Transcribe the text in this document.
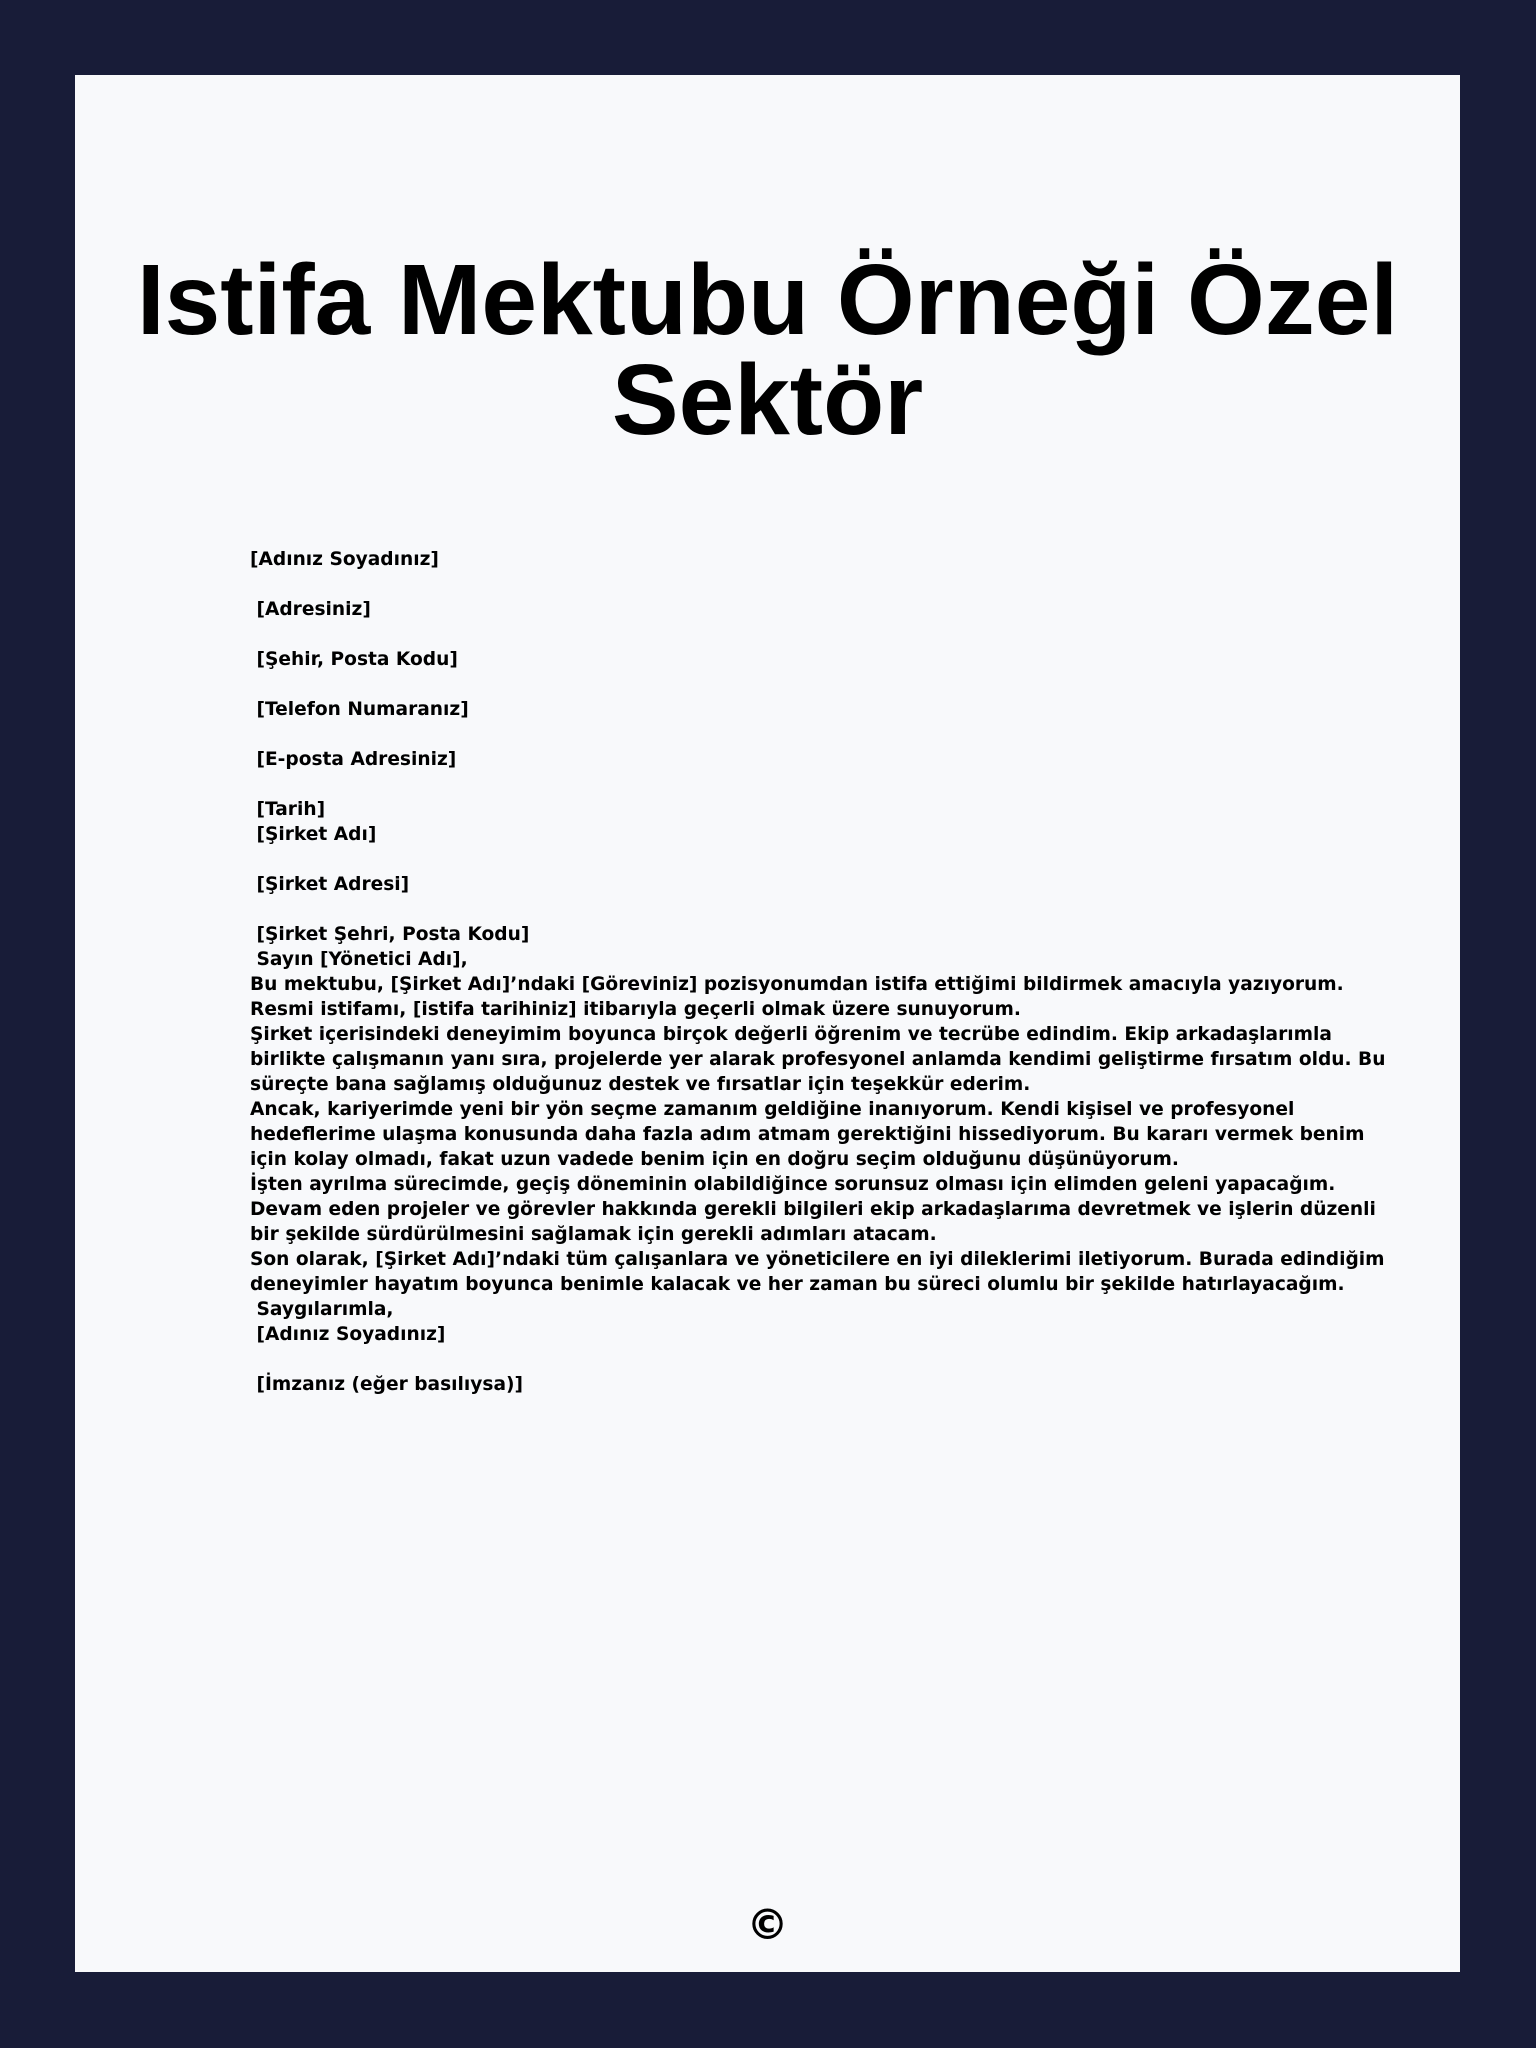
Istifa Mektubu Örneği Özel
Sektör
[Adınız Soyadınız]
[Adresiniz]
[Şehir, Posta Kodu]
[Telefon Numaranız]
[E-posta Adresiniz]
[Tarih]
[Şirket Adı]
[Şirket Adresi]
[Şirket Şehri, Posta Kodu]
Sayın [Yönetici Adı],
Bu mektubu, [Şirket Adı]’ndaki [Göreviniz] pozisyonumdan istifa ettiğimi bildirmek amacıyla yazıyorum.
Resmi istifamı, [istifa tarihiniz] itibarıyla geçerli olmak üzere sunuyorum.
Şirket içerisindeki deneyimim boyunca birçok değerli öğrenim ve tecrübe edindim. Ekip arkadaşlarımla
birlikte çalışmanın yanı sıra, projelerde yer alarak profesyonel anlamda kendimi geliştirme fırsatım oldu. Bu
süreçte bana sağlamış olduğunuz destek ve fırsatlar için teşekkür ederim.
Ancak, kariyerimde yeni bir yön seçme zamanım geldiğine inanıyorum. Kendi kişisel ve profesyonel
hedeflerime ulaşma konusunda daha fazla adım atmam gerektiğini hissediyorum. Bu kararı vermek benim
için kolay olmadı, fakat uzun vadede benim için en doğru seçim olduğunu düşünüyorum.
İşten ayrılma sürecimde, geçiş döneminin olabildiğince sorunsuz olması için elimden geleni yapacağım.
Devam eden projeler ve görevler hakkında gerekli bilgileri ekip arkadaşlarıma devretmek ve işlerin düzenli
bir şekilde sürdürülmesini sağlamak için gerekli adımları atacam.
Son olarak, [Şirket Adı]’ndaki tüm çalışanlara ve yöneticilere en iyi dileklerimi iletiyorum. Burada edindiğim
deneyimler hayatım boyunca benimle kalacak ve her zaman bu süreci olumlu bir şekilde hatırlayacağım.
Saygılarımla,
[Adınız Soyadınız]
[İmzanız (eğer basılıysa)]
©
